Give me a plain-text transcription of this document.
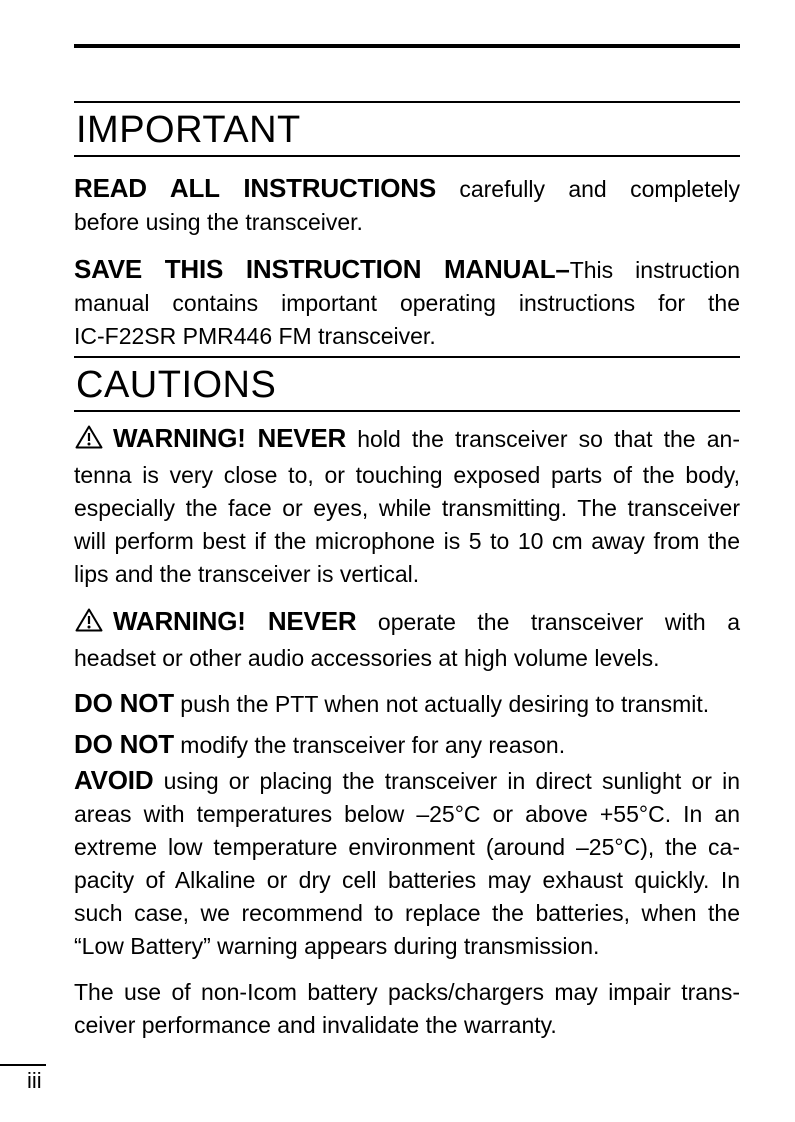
IMPORTANT
READ ALL INSTRUCTIONS carefully and completely
before using the transceiver.
SAVE THIS INSTRUCTION MANUAL–This instruction
manual contains important operating instructions for the
IC-F22SR PMR446 FM transceiver.
CAUTIONS
WARNING! NEVER hold the transceiver so that the an-
tenna is very close to, or touching exposed parts of the body,
especially the face or eyes, while transmitting. The transceiver
will perform best if the microphone is 5 to 10 cm away from the
lips and the transceiver is vertical.
WARNING! NEVER operate the transceiver with a
headset or other audio accessories at high volume levels.
DO NOT push the PTT when not actually desiring to transmit.
DO NOT modify the transceiver for any reason.
AVOID using or placing the transceiver in direct sunlight or in
areas with temperatures below –25°C or above +55°C. In an
extreme low temperature environment (around –25°C), the ca-
pacity of Alkaline or dry cell batteries may exhaust quickly. In
such case, we recommend to replace the batteries, when the
“Low Battery” warning appears during transmission.
The use of non-Icom battery packs/chargers may impair trans-
ceiver performance and invalidate the warranty.
iii
